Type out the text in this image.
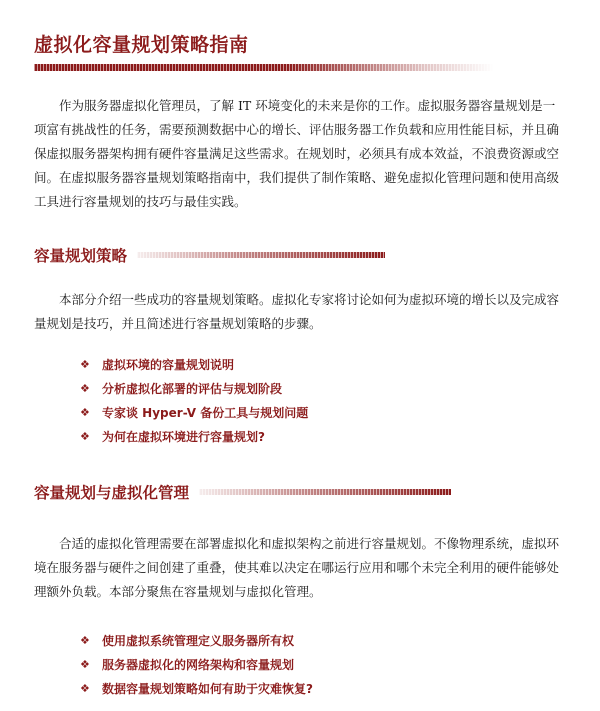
虚拟化容量规划策略指南

作为服务器虚拟化管理员，了解 IT 环境变化的未来是你的工作。虚拟服务器容量规划是一项富有挑战性的任务，需要预测数据中心的增长、评估服务器工作负载和应用性能目标，并且确保虚拟服务器架构拥有硬件容量满足这些需求。在规划时，必须具有成本效益，不浪费资源或空间。在虚拟服务器容量规划策略指南中，我们提供了制作策略、避免虚拟化管理问题和使用高级工具进行容量规划的技巧与最佳实践。

容量规划策略

本部分介绍一些成功的容量规划策略。虚拟化专家将讨论如何为虚拟环境的增长以及完成容量规划是技巧，并且简述进行容量规划策略的步骤。

❖	虚拟环境的容量规划说明
❖	分析虚拟化部署的评估与规划阶段
❖	专家谈 Hyper-V 备份工具与规划问题
❖	为何在虚拟环境进行容量规划?
容量规划与虚拟化管理

合适的虚拟化管理需要在部署虚拟化和虚拟架构之前进行容量规划。不像物理系统，虚拟环境在服务器与硬件之间创建了重叠，使其难以决定在哪运行应用和哪个未完全利用的硬件能够处理额外负载。本部分聚焦在容量规划与虚拟化管理。

❖	使用虚拟系统管理定义服务器所有权
❖	服务器虚拟化的网络架构和容量规划
❖	数据容量规划策略如何有助于灾难恢复?
